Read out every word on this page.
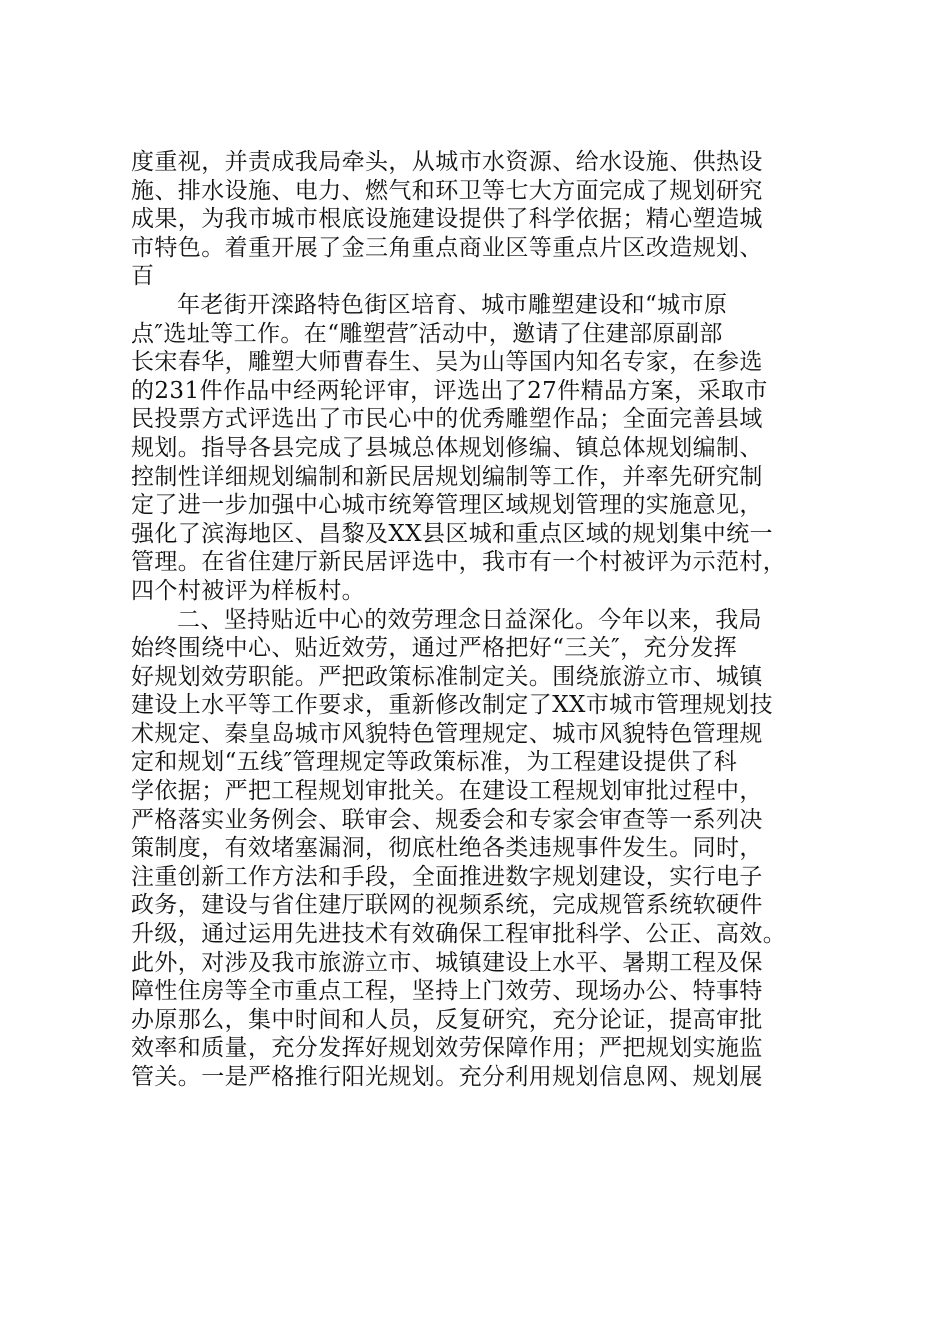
度重视，并责成我局牵头，从城市水资源、给水设施、供热设
施、排水设施、电力、燃气和环卫等七大方面完成了规划研究
成果，为我市城市根底设施建设提供了科学依据；精心塑造城
市特色。着重开展了金三角重点商业区等重点片区改造规划、
百
年老街开滦路特色街区培育、城市雕塑建设和“城市原
点″选址等工作。在“雕塑营″活动中，邀请了住建部原副部
长宋春华，雕塑大师曹春生、吴为山等国内知名专家，在参选
的231件作品中经两轮评审，评选出了27件精品方案，采取市
民投票方式评选出了市民心中的优秀雕塑作品；全面完善县域
规划。指导各县完成了县城总体规划修编、镇总体规划编制、
控制性详细规划编制和新民居规划编制等工作，并率先研究制
定了进一步加强中心城市统筹管理区域规划管理的实施意见，
强化了滨海地区、昌黎及XX县区城和重点区域的规划集中统一
管理。在省住建厅新民居评选中，我市有一个村被评为示范村，
四个村被评为样板村。
二、坚持贴近中心的效劳理念日益深化。今年以来，我局
始终围绕中心、贴近效劳，通过严格把好“三关″，充分发挥
好规划效劳职能。严把政策标准制定关。围绕旅游立市、城镇
建设上水平等工作要求，重新修改制定了XX市城市管理规划技
术规定、秦皇岛城市风貌特色管理规定、城市风貌特色管理规
定和规划“五线″管理规定等政策标准，为工程建设提供了科
学依据；严把工程规划审批关。在建设工程规划审批过程中，
严格落实业务例会、联审会、规委会和专家会审查等一系列决
策制度，有效堵塞漏洞，彻底杜绝各类违规事件发生。同时，
注重创新工作方法和手段，全面推进数字规划建设，实行电子
政务，建设与省住建厅联网的视频系统，完成规管系统软硬件
升级，通过运用先进技术有效确保工程审批科学、公正、高效。
此外，对涉及我市旅游立市、城镇建设上水平、暑期工程及保
障性住房等全市重点工程，坚持上门效劳、现场办公、特事特
办原那么，集中时间和人员，反复研究，充分论证，提高审批
效率和质量，充分发挥好规划效劳保障作用；严把规划实施监
管关。一是严格推行阳光规划。充分利用规划信息网、规划展
